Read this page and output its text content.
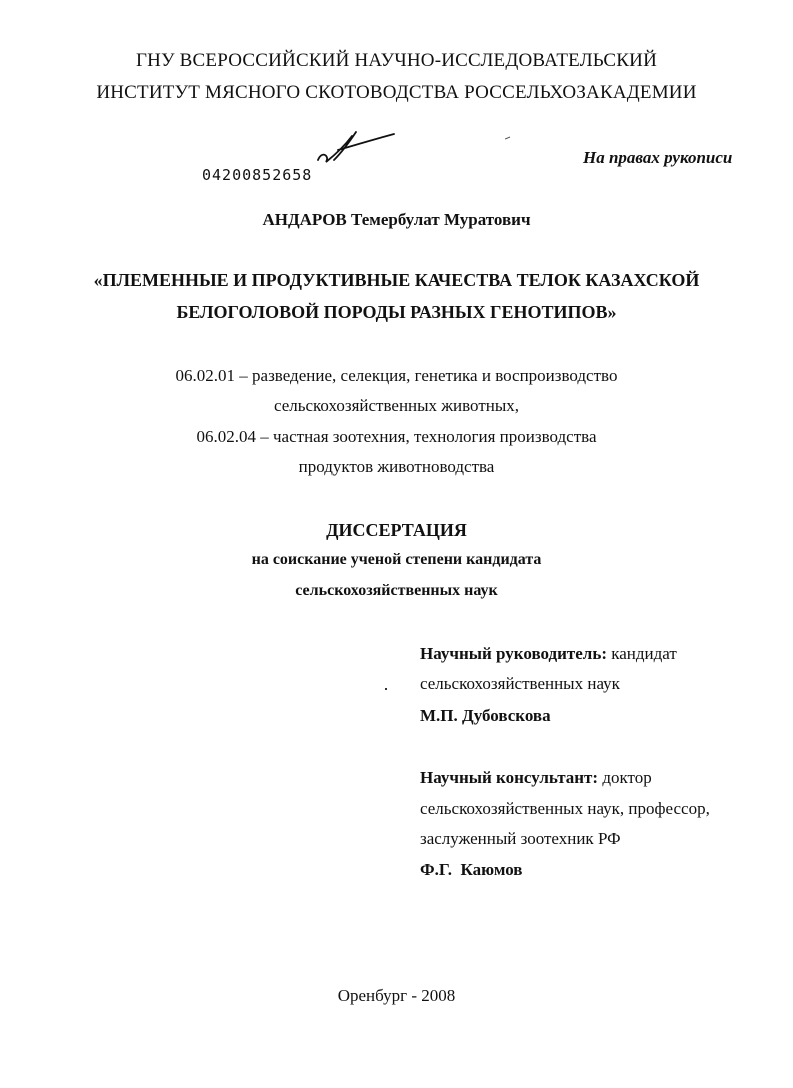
ГНУ ВСЕРОССИЙСКИЙ НАУЧНО-ИССЛЕДОВАТЕЛЬСКИЙ
ИНСТИТУТ МЯСНОГО СКОТОВОДСТВА РОССЕЛЬХОЗАКАДЕМИИ
04200852658
На правах рукописи
АНДАРОВ Темербулат Муратович
«ПЛЕМЕННЫЕ И ПРОДУКТИВНЫЕ КАЧЕСТВА ТЕЛОК КАЗАХСКОЙ
БЕЛОГОЛОВОЙ ПОРОДЫ РАЗНЫХ ГЕНОТИПОВ»
06.02.01 – разведение, селекция, генетика и воспроизводство
сельскохозяйственных животных,
06.02.04 – частная зоотехния, технология производства
продуктов животноводства
ДИССЕРТАЦИЯ
на соискание ученой степени кандидата
сельскохозяйственных наук
Научный руководитель: кандидат
сельскохозяйственных наук
М.П. Дубовскова
Научный консультант: доктор
сельскохозяйственных наук, профессор,
заслуженный зоотехник РФ
Ф.Г.  Каюмов
Оренбург - 2008
